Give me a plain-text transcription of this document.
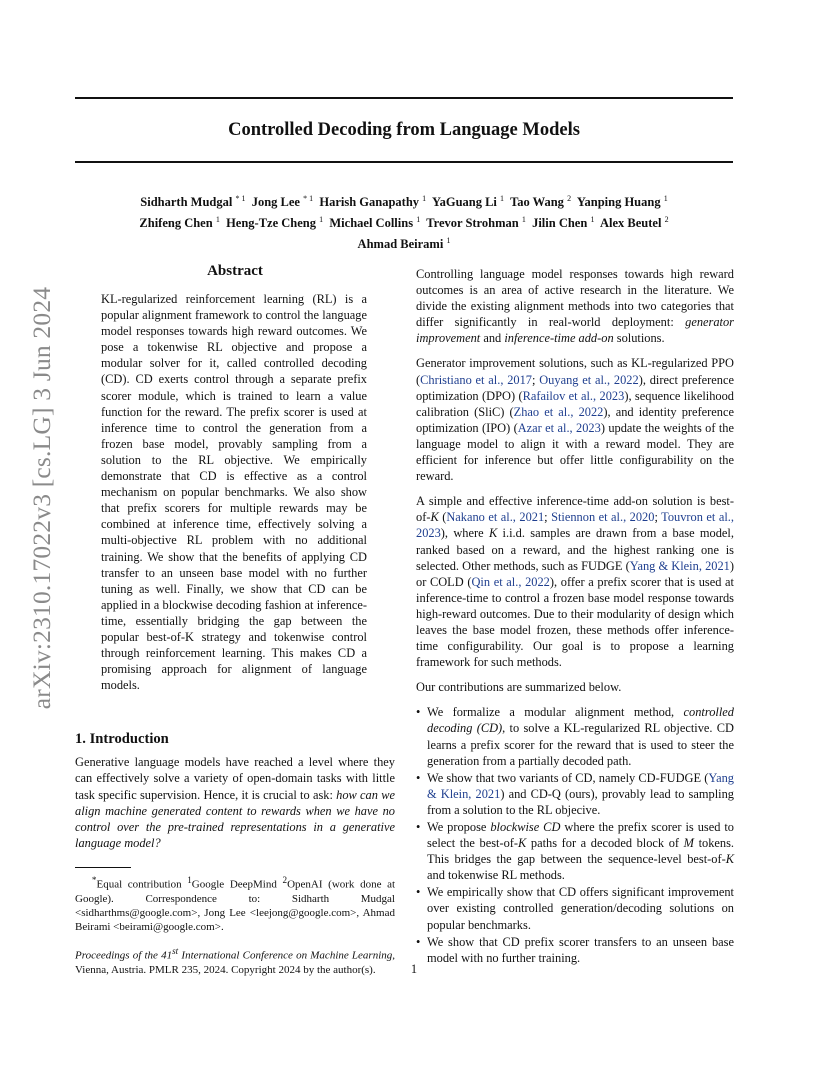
Controlled Decoding from Language Models
arXiv:2310.17022v3 [cs.LG] 3 Jun 2024
Sidharth Mudgal $^{* 1}$ Jong Lee $^{* 1}$ Harish Ganapathy $^1$ YaGuang Li $^1$ Tao Wang $^2$ Yanping Huang $^1$
Zhifeng Chen $^1$ Heng-Tze Cheng $^1$ Michael Collins $^1$ Trevor Strohman $^1$ Jilin Chen $^1$ Alex Beutel $^2$
Ahmad Beirami $^1$
Abstract
KL-regularized reinforcement learning (RL) is a popular alignment framework to control the language model responses towards high reward outcomes. We pose a tokenwise RL objective and propose a modular solver for it, called controlled decoding (CD). CD exerts control through a separate prefix scorer module, which is trained to learn a value function for the reward. The prefix scorer is used at inference time to control the generation from a frozen base model, provably sampling from a solution to the RL objective. We empirically demonstrate that CD is effective as a control mechanism on popular benchmarks. We also show that prefix scorers for multiple rewards may be combined at inference time, effectively solving a multi-objective RL problem with no additional training. We show that the benefits of applying CD transfer to an unseen base model with no further tuning as well. Finally, we show that CD can be applied in a blockwise decoding fashion at inference-time, essentially bridging the gap between the popular best-of-K strategy and tokenwise control through reinforcement learning. This makes CD a promising approach for alignment of language models.
1. Introduction

Generative language models have reached a level where they can effectively solve a variety of open-domain tasks with little task specific supervision. Hence, it is crucial to ask: how can we align machine generated content to rewards when we have no control over the pre-trained representations in a generative language model?

*Equal contribution $^1$Google DeepMind $^2$OpenAI (work done at Google). Correspondence to:	Sidharth Mudgal <sidharthms@google.com>, Jong Lee <leejong@google.com>, Ahmad Beirami <beirami@google.com>.

Proceedings of the 41st International Conference on Machine Learning, Vienna, Austria. PMLR 235, 2024. Copyright 2024 by the author(s).

Controlling language model responses towards high reward outcomes is an area of active research in the literature. We divide the existing alignment methods into two categories that differ significantly in real-world deployment: generator improvement and inference-time add-on solutions.

Generator improvement solutions, such as KL-regularized PPO (Christiano et al., 2017; Ouyang et al., 2022), direct preference optimization (DPO) (Rafailov et al., 2023), sequence likelihood calibration (SliC) (Zhao et al., 2022), and identity preference optimization (IPO) (Azar et al., 2023) update the weights of the language model to align it with a reward model. They are efficient for inference but offer little configurability on the reward.

A simple and effective inference-time add-on solution is best-of-K (Nakano et al., 2021; Stiennon et al., 2020; Touvron et al., 2023), where K i.i.d. samples are drawn from a base model, ranked based on a reward, and the highest ranking one is selected. Other methods, such as FUDGE (Yang & Klein, 2021) or COLD (Qin et al., 2022), offer a prefix scorer that is used at inference-time to control a frozen base model response towards high-reward outcomes. Due to their modularity of design which leaves the base model frozen, these methods offer inference-time configurability. Our goal is to propose a learning framework for such methods.

Our contributions are summarized below.

• We formalize a modular alignment method, controlled decoding (CD), to solve a KL-regularized RL objective. CD learns a prefix scorer for the reward that is used to steer the generation from a partially decoded path.
• We show that two variants of CD, namely CD-FUDGE (Yang & Klein, 2021) and CD-Q (ours), provably lead to sampling from a solution to the RL objecive.
• We propose blockwise CD where the prefix scorer is used to select the best-of-K paths for a decoded block of M tokens. This bridges the gap between the sequence-level best-of-K and tokenwise RL methods.
• We empirically show that CD offers significant improvement over existing controlled generation/decoding solutions on popular benchmarks.
• We show that CD prefix scorer transfers to an unseen base model with no further training.
1
